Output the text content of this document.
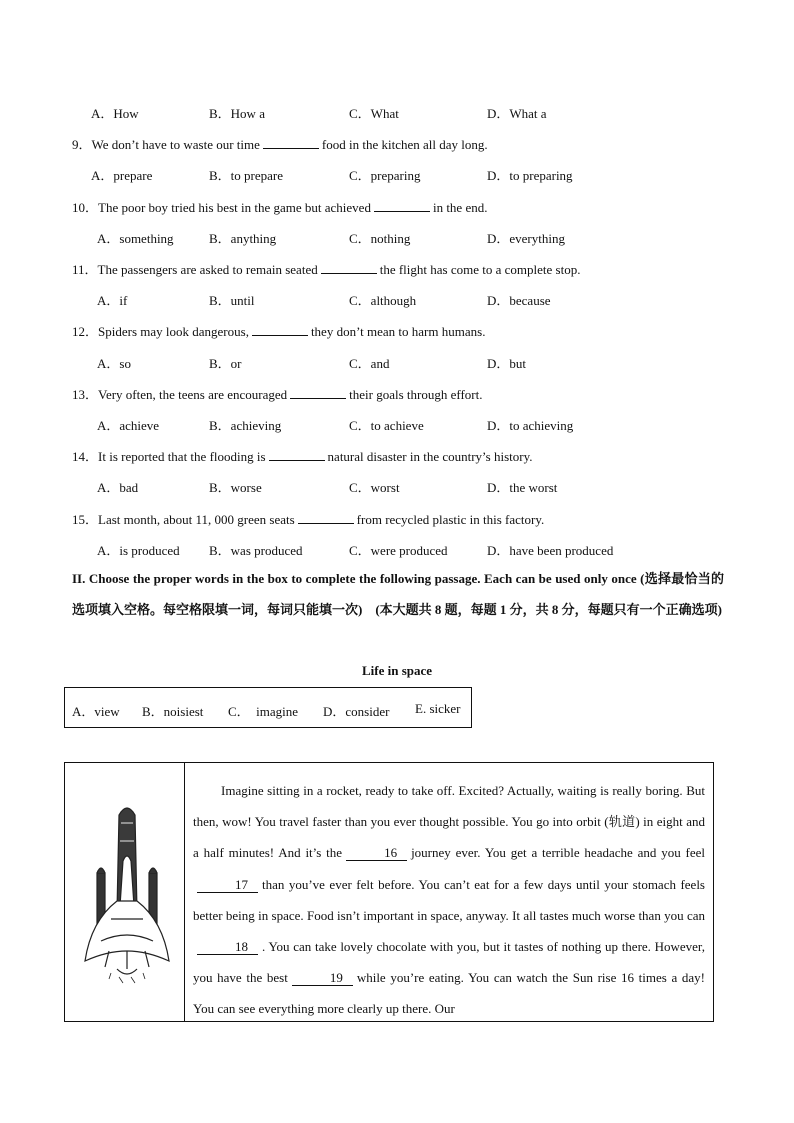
A．How	B．How a	C．What	D．What a
9．We don’t have to waste our time	food in the kitchen all day long.
A．prepare	B．to prepare	C．preparing	D．to preparing
10．The poor boy tried his best in the game but achieved	in the end.
A．something	B．anything	C．nothing	D．everything
11．The passengers are asked to remain seated	the flight has come to a complete stop.
A．if	B．until	C．although	D．because
12．Spiders may look dangerous,	they don’t mean to harm humans.
A．so	B．or	C．and	D．but
13．Very often, the teens are encouraged	their goals through effort.
A．achieve	B．achieving	C．to achieve	D．to achieving
14．It is reported that the flooding is	natural disaster in the country’s history.
A．bad	B．worse	C．worst	D．the worst
15．Last month, about 11, 000 green seats	from recycled plastic in this factory.
A．is produced B．was produced	C．were produced	D．have been produced
II. Choose the proper words in the box to complete the following passage. Each can be used only once (选择最恰当的选项填入空格。每空格限填一词，每词只能填一次)　(本大题共 8 题，每题 1 分，共 8 分，每题只有一个正确选项)
Life in space
A．view B．noisiest C．　imagine D．consider E. sicker
Imagine sitting in a rocket, ready to take off. Excited? Actually, waiting is really boring. But then, wow! You travel faster than you ever thought possible. You go into orbit (轨道) in eight and a half minutes! And it’s the	16 journey ever. You get a terrible headache and you feel17 than you’ve ever felt before. You can’t eat for a few days until your stomach feels better being in space. Food isn’t important in space, anyway. It all tastes much worse than you can18 . You can take lovely chocolate with you, but it tastes of nothing up there. However, you have the best	19 while you’re eating. You can watch the Sun rise 16 times a day! You can see everything more clearly up there. Our
